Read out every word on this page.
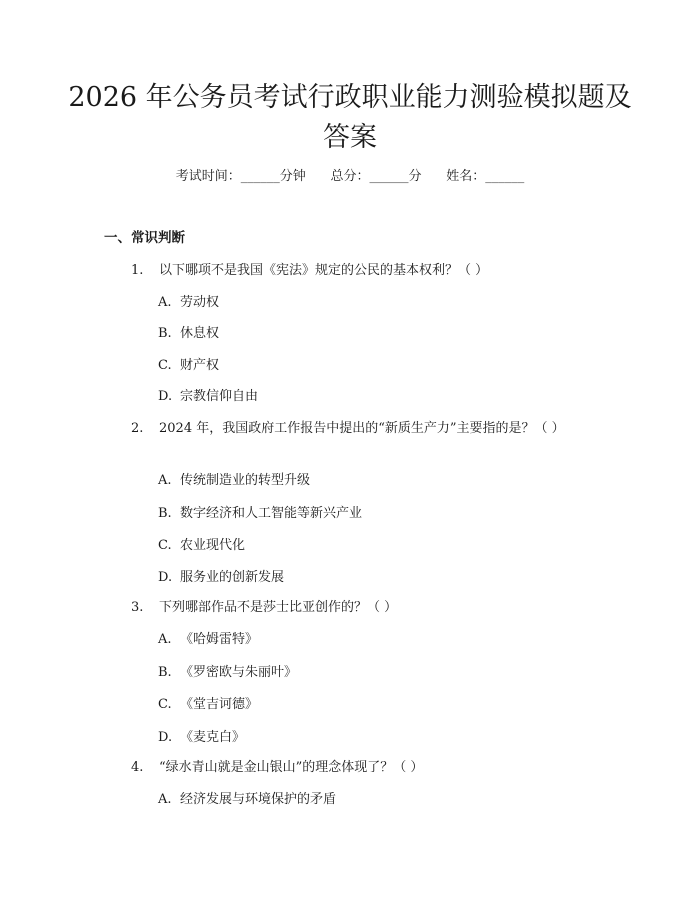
2026 年公务员考试行政职业能力测验模拟题及答案
考试时间：______分钟      总分：______分      姓名：______
一、常识判断
1. 以下哪项不是我国《宪法》规定的公民的基本权利？（ ）
A. 劳动权
B. 休息权
C. 财产权
D. 宗教信仰自由
2. 2024 年，我国政府工作报告中提出的“新质生产力”主要指的是？（ ）
A. 传统制造业的转型升级
B. 数字经济和人工智能等新兴产业
C. 农业现代化
D. 服务业的创新发展
3. 下列哪部作品不是莎士比亚创作的？（ ）
A. 《哈姆雷特》
B. 《罗密欧与朱丽叶》
C. 《堂吉诃德》
D. 《麦克白》
4. “绿水青山就是金山银山”的理念体现了？（ ）
A. 经济发展与环境保护的矛盾
